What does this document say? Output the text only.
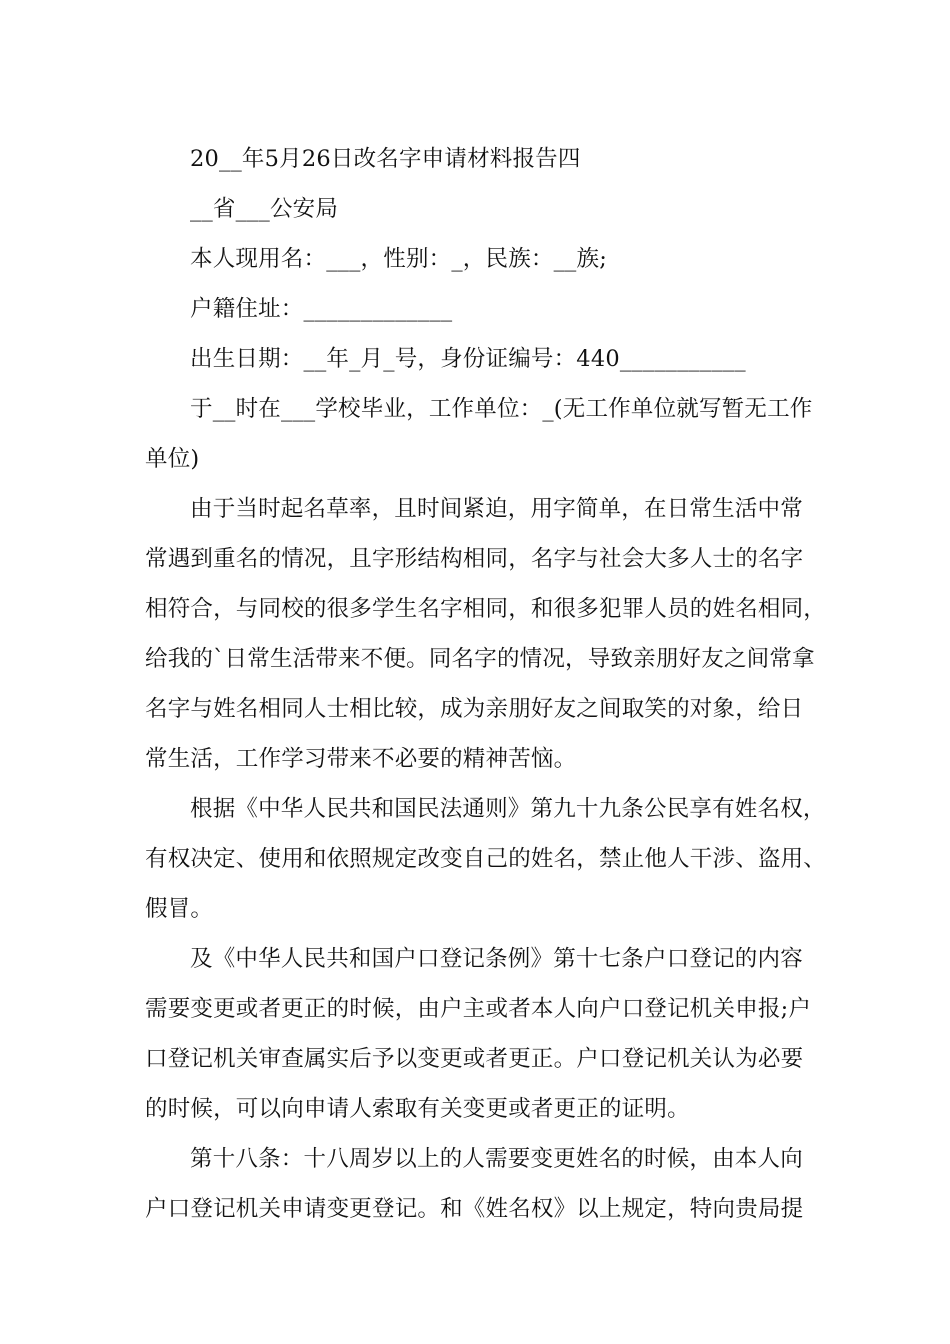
20__年5月26日改名字申请材料报告四
__省___公安局
本人现用名：___，性别：_，民族：__族;
户籍住址：_____________
出生日期：__年_月_号，身份证编号：440___________
于__时在___学校毕业，工作单位：_(无工作单位就写暂无工作
单位)
由于当时起名草率，且时间紧迫，用字简单，在日常生活中常
常遇到重名的情况，且字形结构相同，名字与社会大多人士的名字
相符合，与同校的很多学生名字相同，和很多犯罪人员的姓名相同，
给我的`日常生活带来不便。同名字的情况，导致亲朋好友之间常拿
名字与姓名相同人士相比较，成为亲朋好友之间取笑的对象，给日
常生活，工作学习带来不必要的精神苦恼。
根据《中华人民共和国民法通则》第九十九条公民享有姓名权，
有权决定、使用和依照规定改变自己的姓名，禁止他人干涉、盗用、
假冒。
及《中华人民共和国户口登记条例》第十七条户口登记的内容
需要变更或者更正的时候，由户主或者本人向户口登记机关申报;户
口登记机关审查属实后予以变更或者更正。户口登记机关认为必要
的时候，可以向申请人索取有关变更或者更正的证明。
第十八条：十八周岁以上的人需要变更姓名的时候，由本人向
户口登记机关申请变更登记。和《姓名权》以上规定，特向贵局提
